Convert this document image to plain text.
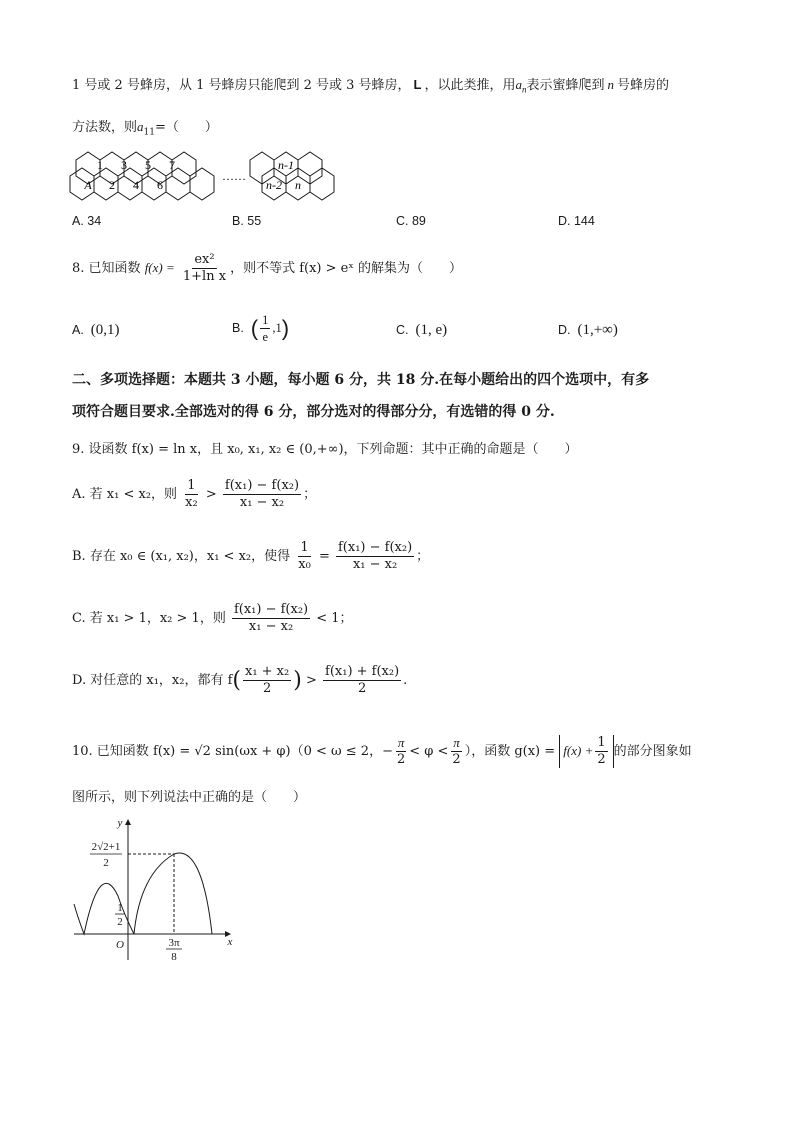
1 号或 2 号蜂房，从 1 号蜂房只能爬到 2 号或 3 号蜂房， L ，以此类推，用$a_n$表示蜜蜂爬到 n 号蜂房的
方法数，则$a_{11}=$（　　）
1 3 5 7
A 2 4 6
……
n-1
n-2 n
A. 34	B. 55	C. 89	D. 144
8. 已知函数 $f(x) = \frac{\text{ex²}}{\text{1+ln x}}$ ，则不等式 f(x) > eˣ 的解集为（　　）
A. (0,1)	B. ( $\frac{1}{e} ,1$)	C. (1, e)	D. (1,+∞)
二、多项选择题：本题共 3 小题，每小题 6 分，共 18 分.在每小题给出的四个选项中，有多
项符合题目要求.全部选对的得 6 分，部分选对的得部分分，有选错的得 0 分.
9. 设函数 f(x) = ln x，且 x₀, x₁, x₂ ∈ (0,+∞)，下列命题：其中正确的命题是（　　）
A. 若 x₁ < x₂，则 $\frac{1}{\text{x₂}} > \frac{\text{f(x₁) − f(x₂)}}{\text{x₁ − x₂}}$ ；
B. 存在 x₀ ∈ (x₁, x₂)，x₁ < x₂，使得 $\frac{1}{\text{x₀}} = \frac{\text{f(x₁) − f(x₂)}}{\text{x₁ − x₂}}$ ；
C. 若 x₁ > 1，x₂ > 1，则 $\frac{\text{f(x₁) − f(x₂)}}{\text{x₁ − x₂}} < 1$；
D. 对任意的 x₁，x₂，都有 $f( \frac{\text{x₁ + x₂}}{2}$ ) > $\frac{\text{f(x₁) + f(x₂)}}{2}$ .
10. 已知函数 f(x) = √2 sin(ωx + φ)（0 < ω ≤ 2，− $\frac{\pi}{2} < \varphi < \frac{\pi}{2}$ ），函数 $g(x) = f(x) + \frac{1}{2}$ 的部分图象如
图所示，则下列说法中正确的是（　　）
y
x
O
2√2+1
2
1
2
3π
8
